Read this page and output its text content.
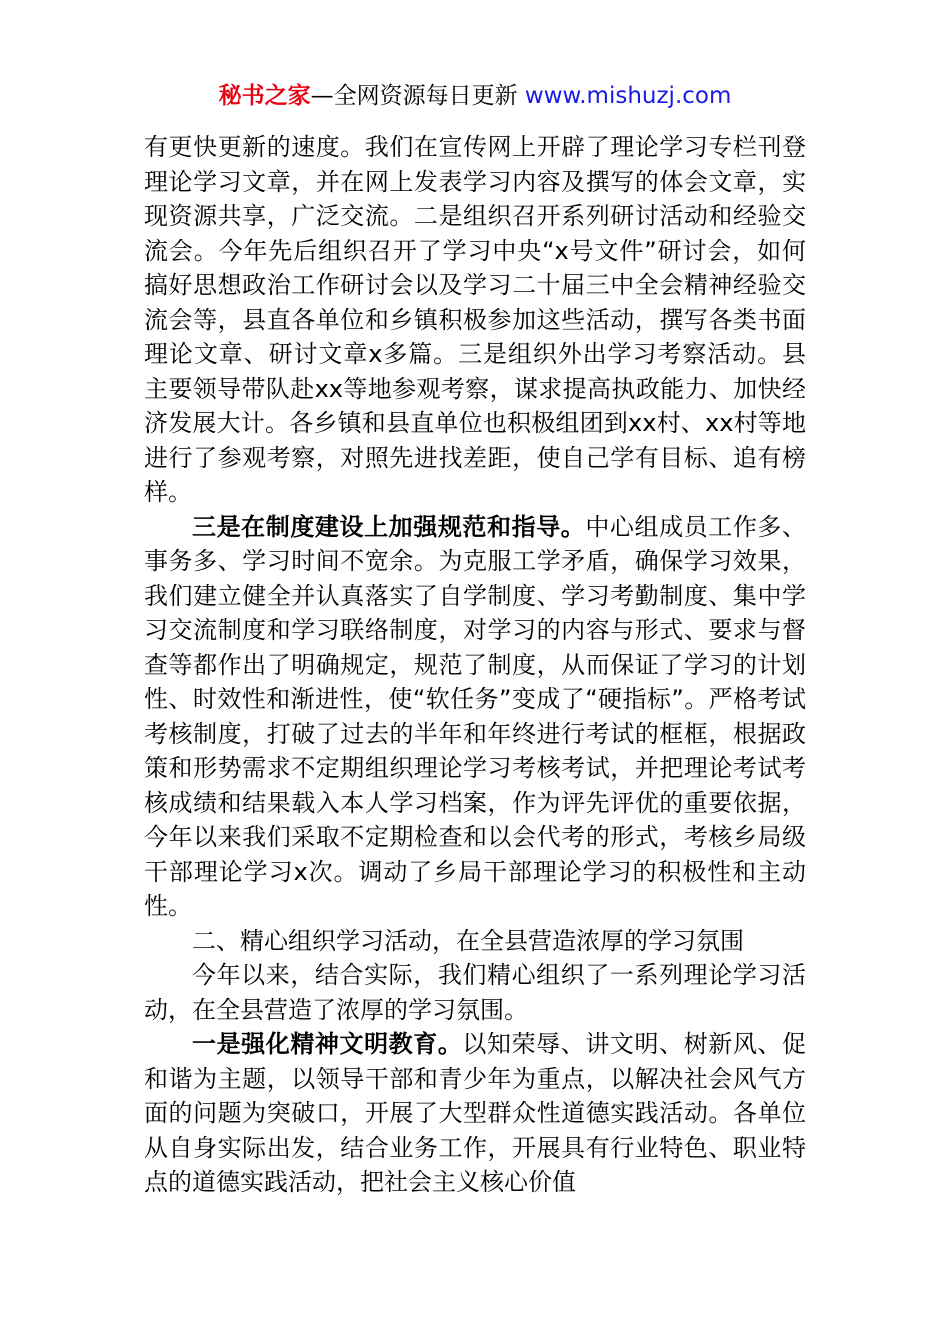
秘书之家—全网资源每日更新 www.mishuzj.com

有更快更新的速度。我们在宣传网上开辟了理论学习专栏刊登理论学习文章，并在网上发表学习内容及撰写的体会文章，实现资源共享，广泛交流。二是组织召开系列研讨活动和经验交流会。今年先后组织召开了学习中央“x号文件”研讨会，如何搞好思想政治工作研讨会以及学习二十届三中全会精神经验交流会等，县直各单位和乡镇积极参加这些活动，撰写各类书面理论文章、研讨文章x多篇。三是组织外出学习考察活动。县主要领导带队赴xx等地参观考察，谋求提高执政能力、加快经济发展大计。各乡镇和县直单位也积极组团到xx村、xx村等地进行了参观考察，对照先进找差距，使自己学有目标、追有榜样。

三是在制度建设上加强规范和指导。中心组成员工作多、事务多、学习时间不宽余。为克服工学矛盾，确保学习效果，我们建立健全并认真落实了自学制度、学习考勤制度、集中学习交流制度和学习联络制度，对学习的内容与形式、要求与督查等都作出了明确规定，规范了制度，从而保证了学习的计划性、时效性和渐进性，使“软任务”变成了“硬指标”。严格考试考核制度，打破了过去的半年和年终进行考试的框框，根据政策和形势需求不定期组织理论学习考核考试，并把理论考试考核成绩和结果载入本人学习档案，作为评先评优的重要依据，今年以来我们采取不定期检查和以会代考的形式，考核乡局级干部理论学习x次。调动了乡局干部理论学习的积极性和主动性。

二、精心组织学习活动，在全县营造浓厚的学习氛围

今年以来，结合实际，我们精心组织了一系列理论学习活动，在全县营造了浓厚的学习氛围。

一是强化精神文明教育。以知荣辱、讲文明、树新风、促和谐为主题，以领导干部和青少年为重点，以解决社会风气方面的问题为突破口，开展了大型群众性道德实践活动。各单位从自身实际出发，结合业务工作，开展具有行业特色、职业特点的道德实践活动，把社会主义核心价值
